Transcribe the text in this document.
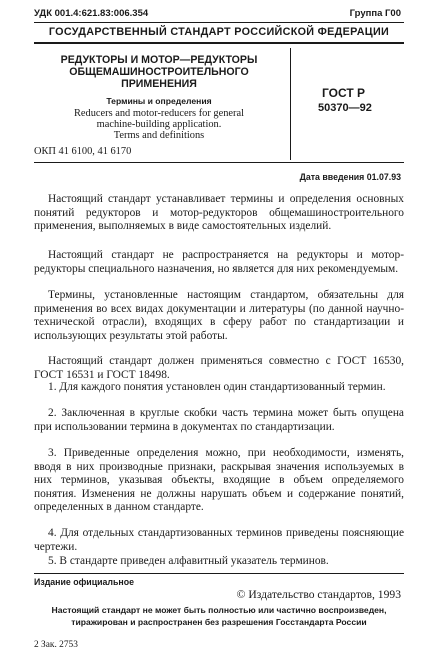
УДК 001.4:621.83:006.354	Группа Г00
ГОСУДАРСТВЕННЫЙ СТАНДАРТ РОССИЙСКОЙ ФЕДЕРАЦИИ
РЕДУКТОРЫ И МОТОР—РЕДУКТОРЫ
ОБЩЕМАШИНОСТРОИТЕЛЬНОГО
ПРИМЕНЕНИЯ
Термины и определения
Reducers and motor-reducers for general
machine-building application.
Terms and definitions
ОКП 41 6100, 41 6170
ГОСТ Р
50370—92
Дата введения 01.07.93
Настоящий стандарт устанавливает термины и определения основных понятий редукторов и мотор-редукторов общемашиностроительного применения, выполняемых в виде самостоятельных изделий.
Настоящий стандарт не распространяется на редукторы и мотор-редукторы специального назначения, но является для них рекомендуемым.
Термины, установленные настоящим стандартом, обязательны для применения во всех видах документации и литературы (по данной научно-технической отрасли), входящих в сферу работ по стандартизации и использующих результаты этой работы.
Настоящий стандарт должен применяться совместно с ГОСТ 16530, ГОСТ 16531 и ГОСТ 18498.
1. Для каждого понятия установлен один стандартизованный термин.
2. Заключенная в круглые скобки часть термина может быть опущена при использовании термина в документах по стандартизации.
3. Приведенные определения можно, при необходимости, изменять, вводя в них производные признаки, раскрывая значения используемых в них терминов, указывая объекты, входящие в объем определяемого понятия. Изменения не должны нарушать объем и содержание понятий, определенных в данном стандарте.
4. Для отдельных стандартизованных терминов приведены поясняющие чертежи.
5. В стандарте приведен алфавитный указатель терминов.
Издание официальное
© Издательство стандартов, 1993
Настоящий стандарт не может быть полностью или частично воспроизведен,
тиражирован и распространен без разрешения Госстандарта России
2 Зак. 2753
